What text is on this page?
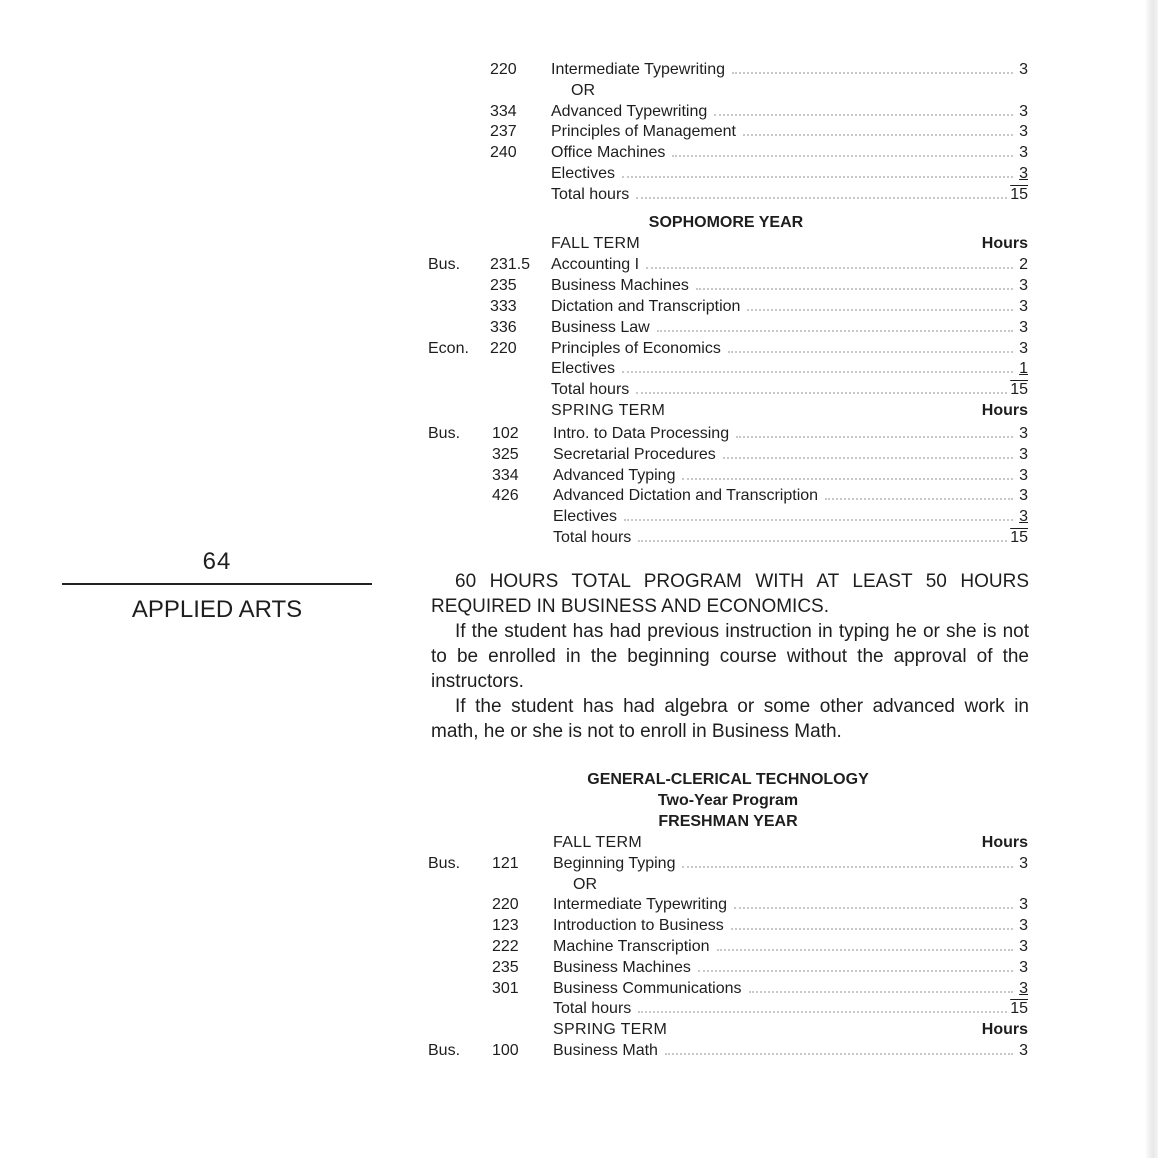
64
APPLIED ARTS
220 Intermediate Typewriting	3
OR
334 Advanced Typewriting	3
237 Principles of Management	3
240 Office Machines	3
Electives	3
Total hours	15
SOPHOMORE YEAR
FALL TERM	Hours
Bus. 231.5 Accounting I	2
235 Business Machines	3
333 Dictation and Transcription	3
336 Business Law	3
Econ. 220 Principles of Economics	3
Electives	1
Total hours	15
SPRING TERM	Hours
Bus. 102 Intro. to Data Processing	3
325 Secretarial Procedures	3
334 Advanced Typing	3
426 Advanced Dictation and Transcription	3
Electives	3
Total hours	15

60 HOURS TOTAL PROGRAM WITH AT LEAST 50 HOURS REQUIRED IN BUSINESS AND ECONOMICS.

If the student has had previous instruction in typing he or she is not to be enrolled in the beginning course without the approval of the instructors.

If the student has had algebra or some other advanced work in math, he or she is not to enroll in Business Math.

GENERAL-CLERICAL TECHNOLOGY
Two-Year Program
FRESHMAN YEAR
FALL TERM	Hours
Bus. 121 Beginning Typing	3
OR
220 Intermediate Typewriting	3
123 Introduction to Business	3
222 Machine Transcription	3
235 Business Machines	3
301 Business Communications	3
Total hours	15
SPRING TERM	Hours
Bus. 100 Business Math	3
